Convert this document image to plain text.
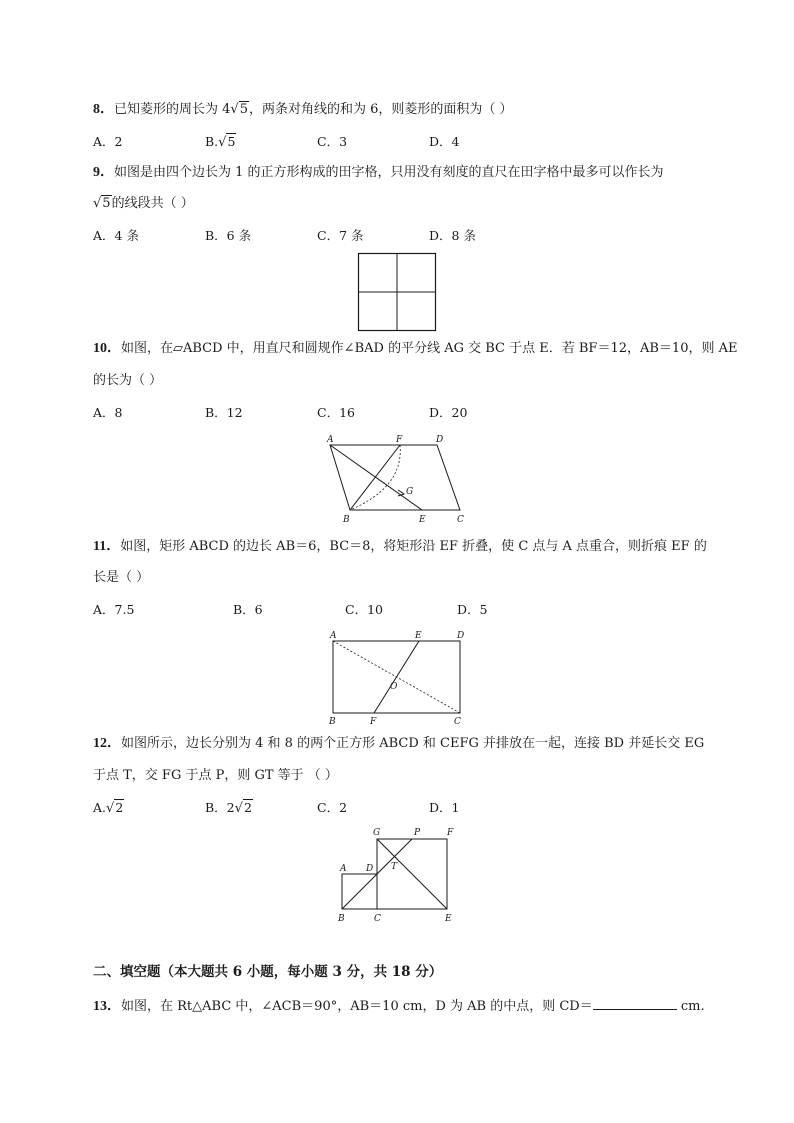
8．已知菱形的周长为 4√5，两条对角线的和为 6，则菱形的面积为（ ）
A．2	B.√5	C．3	D．4
9．如图是由四个边长为 1 的正方形构成的田字格，只用没有刻度的直尺在田字格中最多可以作长为
√5的线段共（ ）
A．4 条	B．6 条	C．7 条	D．8 条
10．如图，在▱ABCD 中，用直尺和圆规作∠BAD 的平分线 AG 交 BC 于点 E．若 BF＝12，AB＝10，则 AE
的长为（ ）
A．8	B．12	C．16	D．20
A	F	D
G
B	E	C
11．如图，矩形 ABCD 的边长 AB＝6，BC＝8，将矩形沿 EF 折叠，使 C 点与 A 点重合，则折痕 EF 的
长是（ ）
A．7.5	B．6	C．10	D．5
A	E	D
O
B	F	C
12．如图所示，边长分别为 4 和 8 的两个正方形 ABCD 和 CEFG 并排放在一起，连接 BD 并延长交 EG
于点 T，交 FG 于点 P，则 GT 等于 （ ）
A.√2	B．2√2	C．2	D．1
G	P	F
A D T
B	C	E
二、填空题（本大题共 6 小题，每小题 3 分，共 18 分）
13．如图，在 Rt△ABC 中，∠ACB＝90°，AB＝10 cm，D 为 AB 的中点，则 CD＝	cm.
